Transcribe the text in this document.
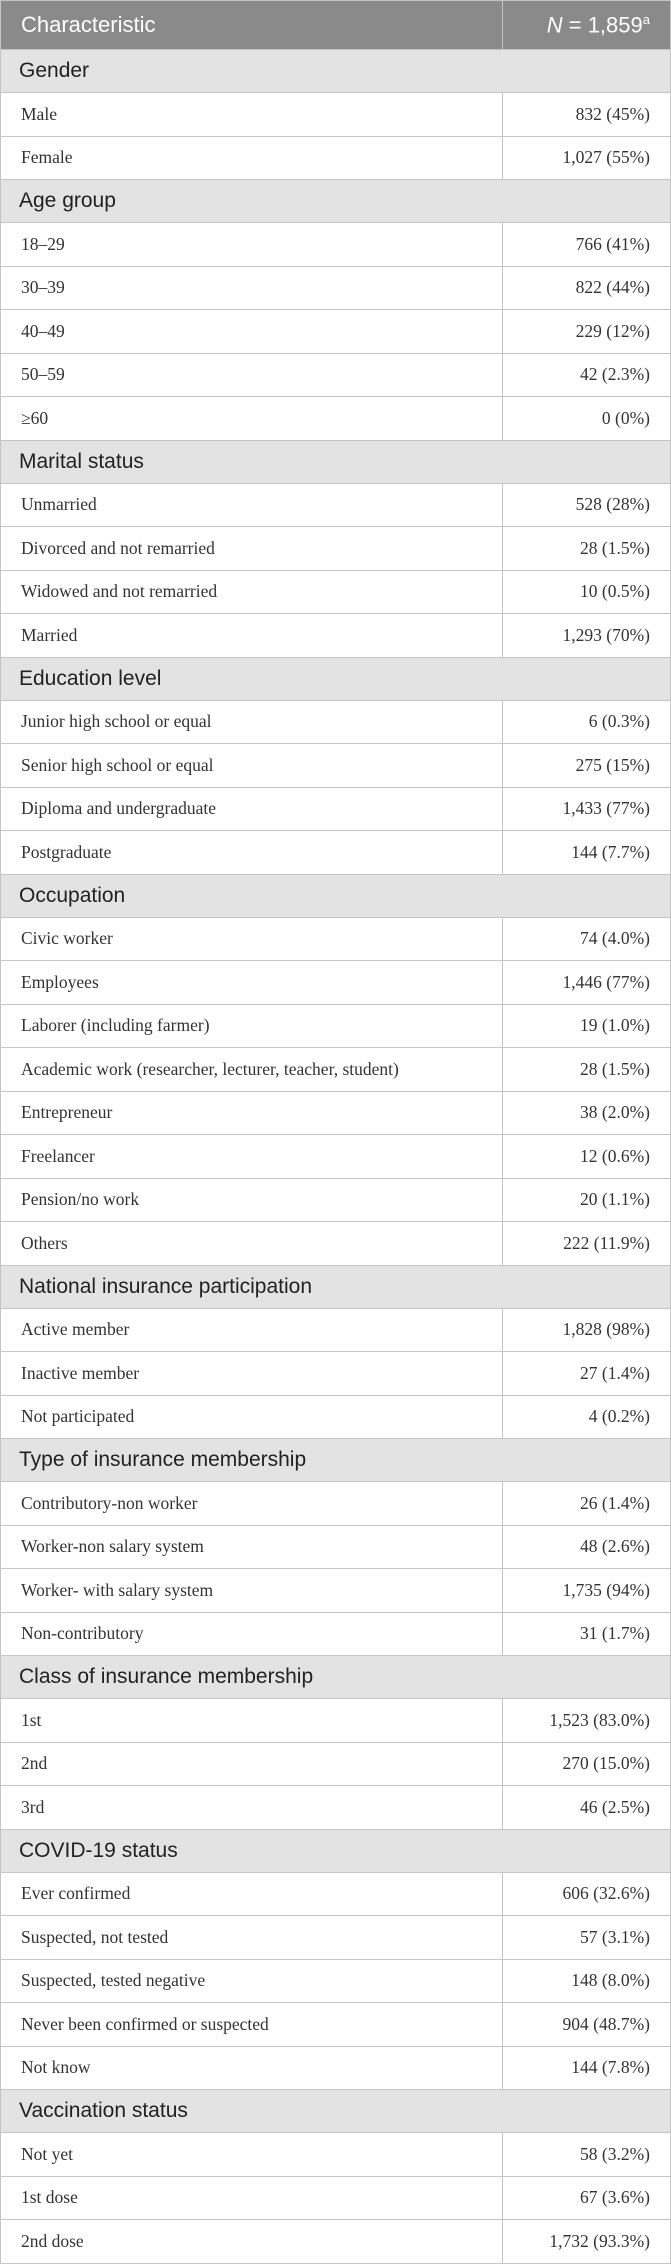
Characteristic	N = 1,859$^a$
Gender	
Male	832 (45%)
Female	1,027 (55%)
Age group	
18–29	766 (41%)
30–39	822 (44%)
40–49	229 (12%)
50–59	42 (2.3%)
≥60	0 (0%)
Marital status	
Unmarried	528 (28%)
Divorced and not remarried	28 (1.5%)
Widowed and not remarried	10 (0.5%)
Married	1,293 (70%)
Education level	
Junior high school or equal	6 (0.3%)
Senior high school or equal	275 (15%)
Diploma and undergraduate	1,433 (77%)
Postgraduate	144 (7.7%)
Occupation	
Civic worker	74 (4.0%)
Employees	1,446 (77%)
Laborer (including farmer)	19 (1.0%)
Academic work (researcher, lecturer, teacher, student)	28 (1.5%)
Entrepreneur	38 (2.0%)
Freelancer	12 (0.6%)
Pension/no work	20 (1.1%)
Others	222 (11.9%)
National insurance participation	
Active member	1,828 (98%)
Inactive member	27 (1.4%)
Not participated	4 (0.2%)
Type of insurance membership	
Contributory-non worker	26 (1.4%)
Worker-non salary system	48 (2.6%)
Worker- with salary system	1,735 (94%)
Non-contributory	31 (1.7%)
Class of insurance membership	
1st	1,523 (83.0%)
2nd	270 (15.0%)
3rd	46 (2.5%)
COVID-19 status	
Ever confirmed	606 (32.6%)
Suspected, not tested	57 (3.1%)
Suspected, tested negative	148 (8.0%)
Never been confirmed or suspected	904 (48.7%)
Not know	144 (7.8%)
Vaccination status	
Not yet	58 (3.2%)
1st dose	67 (3.6%)
2nd dose	1,732 (93.3%)
